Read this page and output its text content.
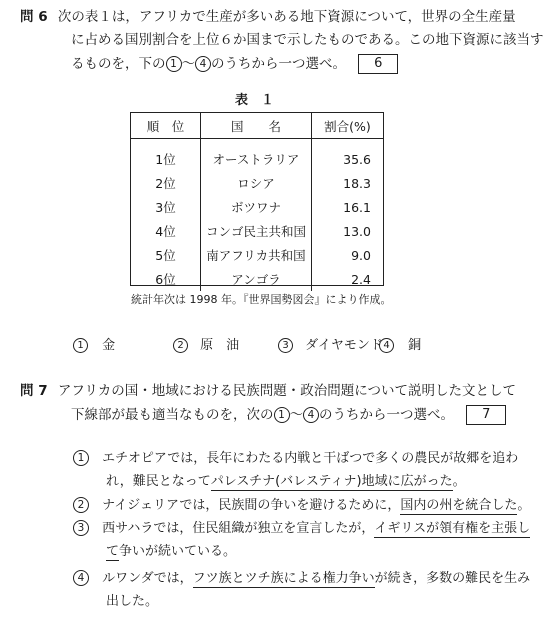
問 6 次の表１は，アフリカで生産が多いある地下資源について，世界の全生産量
に占める国別割合を上位６か国まで示したものである。この地下資源に該当す
るものを，下の 1 ～ 4 のうちから一つ選べ。 6
表　１
順　位	国　　名	割合(%)

1位	オーストラリア	35.6
2位	ロシア	18.3
3位	ボツワナ	16.1
4位	コンゴ民主共和国	13.0
5位	南アフリカ共和国	9.0
6位	アンゴラ	2.4
統計年次は 1998 年。『世界国勢図会』により作成。
1 金	2 原　油	3 ダイヤモンド 4 銅
問 7 アフリカの国・地域における民族問題・政治問題について説明した文として
下線部が最も適当なものを，次の 1 ～ 4 のうちから一つ選べ。 7
1 エチオピアでは，長年にわたる内戦と干ばつで多くの農民が故郷を追わ
れ，難民となってパレスチナ(バレスティナ)地域に広がった。
2 ナイジェリアでは，民族間の争いを避けるために，国内の州を統合した。
3 西サハラでは，住民組織が独立を宣言したが，イギリスが領有権を主張し
て争いが続いている。
4 ルワンダでは，フツ族とツチ族による権力争いが続き，多数の難民を生み
出した。
